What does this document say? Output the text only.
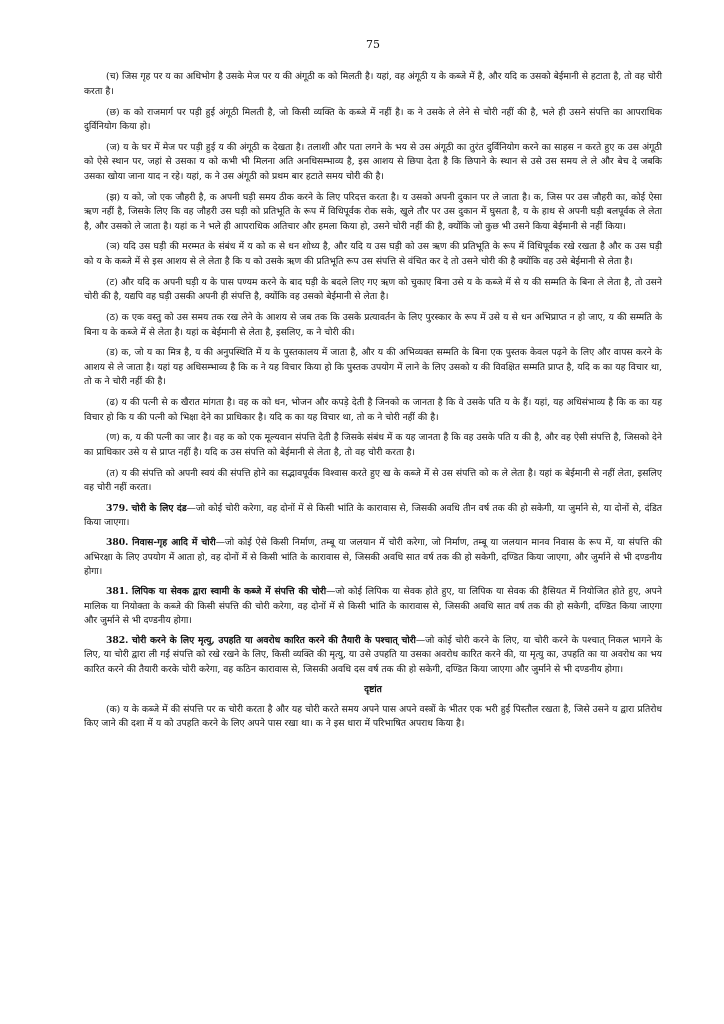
75

(च) जिस गृह पर य का अधिभोग है उसके मेज पर य की अंगूठी क को मिलती है। यहां, वह अंगूठी य के कब्जे में है, और यदि क उसको बेईमानी से हटाता है, तो वह चोरी करता है।

(छ) क को राजमार्ग पर पड़ी हुई अंगूठी मिलती है, जो किसी व्यक्ति के कब्जे में नहीं है। क ने उसके ले लेने से चोरी नहीं की है, भले ही उसने संपत्ति का आपराधिक दुर्विनियोग किया हो।

(ज) य के घर में मेज पर पड़ी हुई य की अंगूठी क देखता है। तलाशी और पता लगने के भय से उस अंगूठी का तुरंत दुर्विनियोग करने का साहस न करते हुए क उस अंगूठी को ऐसे स्थान पर, जहां से उसका य को कभी भी मिलना अति अनधिसम्भाव्य है, इस आशय से छिपा देता है कि छिपाने के स्थान से उसे उस समय ले ले और बेच दे जबकि उसका खोया जाना याद न रहे। यहां, क ने उस अंगूठी को प्रथम बार हटाते समय चोरी की है।

(झ) य को, जो एक जौहरी है, क अपनी घड़ी समय ठीक करने के लिए परिदत्त करता है। य उसको अपनी दुकान पर ले जाता है। क, जिस पर उस जौहरी का, कोई ऐसा ऋण नहीं है, जिसके लिए कि वह जौहरी उस घड़ी को प्रतिभूति के रूप में विधिपूर्वक रोक सके, खुले तौर पर उस दुकान में घुसता है, य के हाथ से अपनी घड़ी बलपूर्वक ले लेता है, और उसको ले जाता है। यहां क ने भले ही आपराधिक अतिचार और हमला किया हो, उसने चोरी नहीं की है, क्योंकि जो कुछ भी उसने किया बेईमानी से नहीं किया।

(ञ) यदि उस घड़ी की मरम्मत के संबंध में य को क से धन शोध्य है, और यदि य उस घड़ी को उस ऋण की प्रतिभूति के रूप में विधिपूर्वक रखे रखता है और क उस घड़ी को य के कब्जे में से इस आशय से ले लेता है कि य को उसके ऋण की प्रतिभूति रूप उस संपत्ति से वंचित कर दे तो उसने चोरी की है क्योंकि वह उसे बेईमानी से लेता है।

(ट) और यदि क अपनी घड़ी य के पास पण्यम करने के बाद घड़ी के बदले लिए गए ऋण को चुकाए बिना उसे य के कब्जे में से य की सम्मति के बिना ले लेता है, तो उसने चोरी की है, यद्यपि वह घड़ी उसकी अपनी ही संपत्ति है, क्योंकि वह उसको बेईमानी से लेता है।

(ठ) क एक वस्तु को उस समय तक रख लेने के आशय से जब तक कि उसके प्रत्यावर्तन के लिए पुरस्कार के रूप में उसे य से धन अभिप्राप्त न हो जाए, य की सम्मति के बिना य के कब्जे में से लेता है। यहां क बेईमानी से लेता है, इसलिए, क ने चोरी की।

(ड) क, जो य का मित्र है, य की अनुपस्थिति में य के पुस्तकालय में जाता है, और य की अभिव्यक्त सम्मति के बिना एक पुस्तक केवल पढ़ने के लिए और वापस करने के आशय से ले जाता है। यहां यह अधिसम्भाव्य है कि क ने यह विचार किया हो कि पुस्तक उपयोग में लाने के लिए उसको य की विवक्षित सम्मति प्राप्त है, यदि क का यह विचार था, तो क ने चोरी नहीं की है।

(ढ) य की पत्नी से क खैरात मांगता है। वह क को धन, भोजन और कपड़े देती है जिनको क जानता है कि वे उसके पति य के हैं। यहां, यह अधिसंभाव्य है कि क का यह विचार हो कि य की पत्नी को भिक्षा देने का प्राधिकार है। यदि क का यह विचार था, तो क ने चोरी नहीं की है।

(ण) क, य की पत्नी का जार है। वह क को एक मूल्यवान संपत्ति देती है जिसके संबंध में क यह जानता है कि वह उसके पति य की है, और वह ऐसी संपत्ति है, जिसको देने का प्राधिकार उसे य से प्राप्त नहीं है। यदि क उस संपत्ति को बेईमानी से लेता है, तो वह चोरी करता है।

(त) य की संपत्ति को अपनी स्वयं की संपत्ति होने का सद्भावपूर्वक विश्वास करते हुए ख के कब्जे में से उस संपत्ति को क ले लेता है। यहां क बेईमानी से नहीं लेता, इसलिए वह चोरी नहीं करता।

379. चोरी के लिए दंड—जो कोई चोरी करेगा, वह दोनों में से किसी भांति के कारावास से, जिसकी अवधि तीन वर्ष तक की हो सकेगी, या जुर्माने से, या दोनों से, दंडित किया जाएगा।

380. निवास-गृह आदि में चोरी—जो कोई ऐसे किसी निर्माण, तम्बू या जलयान में चोरी करेगा, जो निर्माण, तम्बू या जलयान मानव निवास के रूप में, या संपत्ति की अभिरक्षा के लिए उपयोग में आता हो, वह दोनों में से किसी भांति के कारावास से, जिसकी अवधि सात वर्ष तक की हो सकेगी, दण्डित किया जाएगा, और जुर्माने से भी दण्डनीय होगा।

381. लिपिक या सेवक द्वारा स्वामी के कब्जे में संपत्ति की चोरी—जो कोई लिपिक या सेवक होते हुए, या लिपिक या सेवक की हैसियत में नियोजित होते हुए, अपने मालिक या नियोक्ता के कब्जे की किसी संपत्ति की चोरी करेगा, वह दोनों में से किसी भांति के कारावास से, जिसकी अवधि सात वर्ष तक की हो सकेगी, दण्डित किया जाएगा और जुर्माने से भी दण्डनीय होगा।

382. चोरी करने के लिए मृत्यु, उपहति या अवरोध कारित करने की तैयारी के पश्चात् चोरी—जो कोई चोरी करने के लिए, या चोरी करने के पश्चात् निकल भागने के लिए, या चोरी द्वारा ली गई संपत्ति को रखे रखने के लिए, किसी व्यक्ति की मृत्यु, या उसे उपहति या उसका अवरोध कारित करने की, या मृत्यु का, उपहति का या अवरोध का भय कारित करने की तैयारी करके चोरी करेगा, वह कठिन कारावास से, जिसकी अवधि दस वर्ष तक की हो सकेगी, दण्डित किया जाएगा और जुर्माने से भी दण्डनीय होगा।

दृष्टांत

(क) य के कब्जे में की संपत्ति पर क चोरी करता है और यह चोरी करते समय अपने पास अपने वस्त्रों के भीतर एक भरी हुई पिस्तौल रखता है, जिसे उसने य द्वारा प्रतिरोध किए जाने की दशा में य को उपहति करने के लिए अपने पास रखा था। क ने इस धारा में परिभाषित अपराध किया है।
